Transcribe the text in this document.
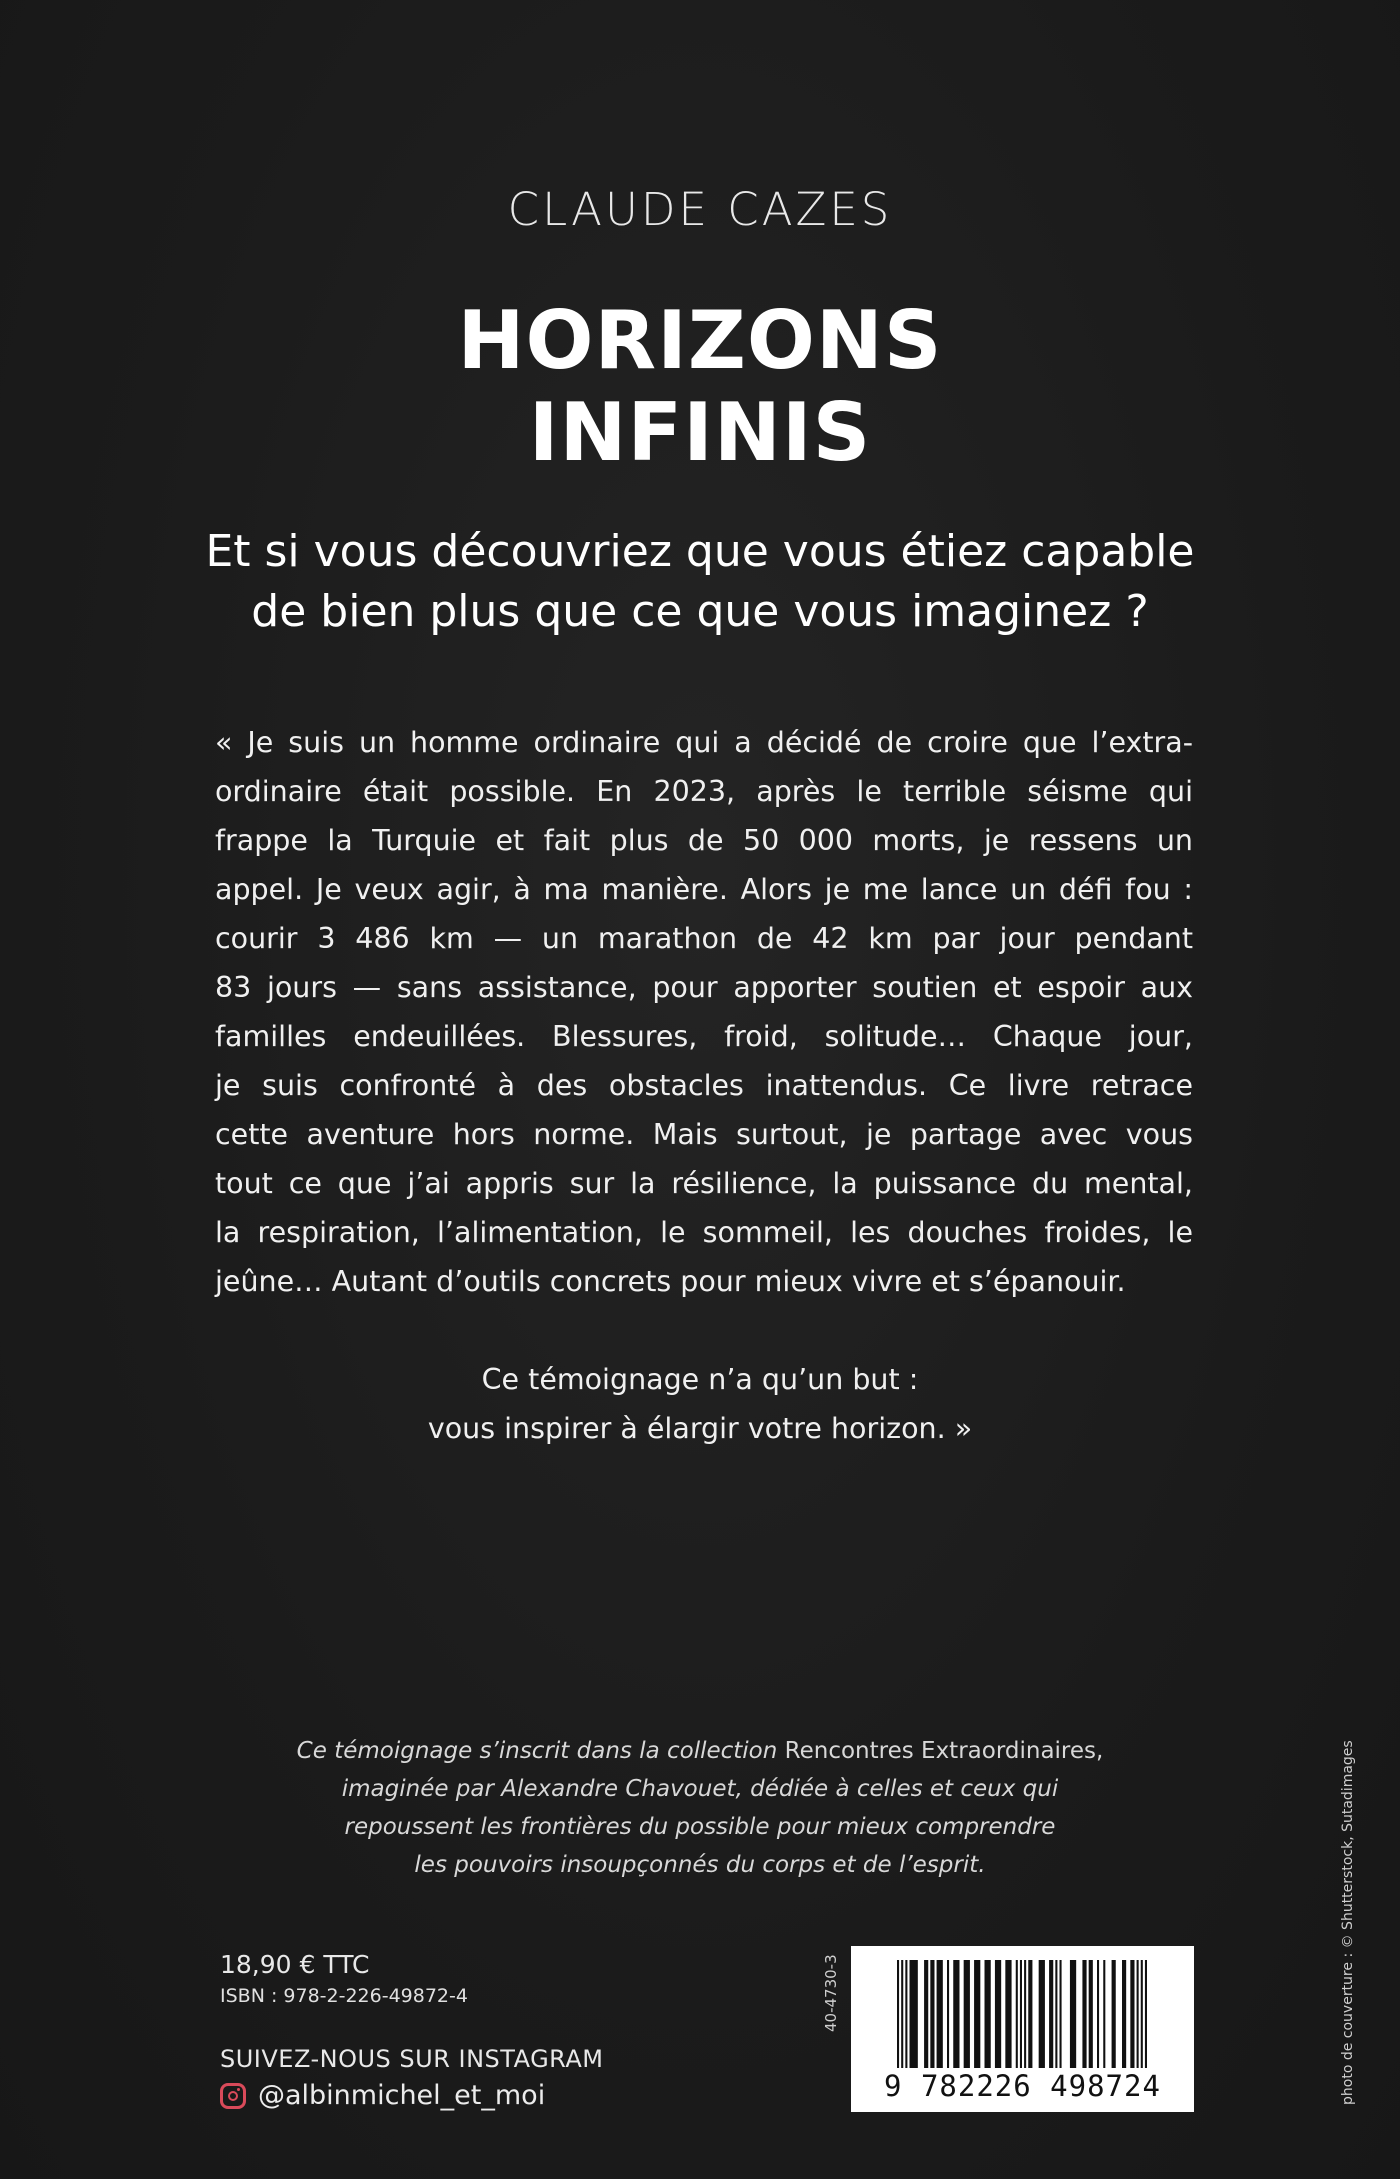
CLAUDE CAZES
HORIZONS
INFINIS
Et si vous découvriez que vous étiez capable
de bien plus que ce que vous imaginez ?
« Je suis un homme ordinaire qui a décidé de croire que l’extra-
ordinaire était possible. En 2023, après le terrible séisme qui
frappe la Turquie et fait plus de 50 000 morts, je ressens un
appel. Je veux agir, à ma manière. Alors je me lance un défi fou :
courir 3 486 km — un marathon de 42 km par jour pendant
83 jours — sans assistance, pour apporter soutien et espoir aux
familles endeuillées. Blessures, froid, solitude… Chaque jour,
je suis confronté à des obstacles inattendus. Ce livre retrace
cette aventure hors norme. Mais surtout, je partage avec vous
tout ce que j’ai appris sur la résilience, la puissance du mental,
la respiration, l’alimentation, le sommeil, les douches froides, le
jeûne… Autant d’outils concrets pour mieux vivre et s’épanouir.
Ce témoignage n’a qu’un but :
vous inspirer à élargir votre horizon. »
Ce témoignage s’inscrit dans la collection Rencontres Extraordinaires,
imaginée par Alexandre Chavouet, dédiée à celles et ceux qui
repoussent les frontières du possible pour mieux comprendre
les pouvoirs insoupçonnés du corps et de l’esprit.
18,90 € TTC
ISBN : 978-2-226-49872-4
SUIVEZ-NOUS SUR INSTAGRAM
@albinmichel_et_moi
40-4730-3
9 782226 498724	photo de couverture : © Shutterstock, Sutadimages
